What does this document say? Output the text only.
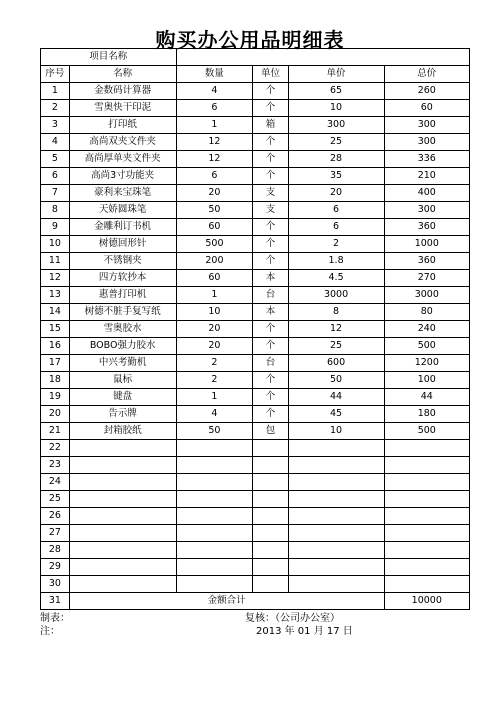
购买办公用品明细表
项目名称					
序号	名称	数量	单位	单价	总价
1	金数码计算器	4	个	65	260
2	雪奥快干印泥	6	个	10	60
3	打印纸	1	箱	300	300
4	高尚双夹文件夹	12	个	25	300
5	高尚厚单夹文件夹	12	个	28	336
6	高尚3寸功能夹	6	个	35	210
7	豪利来宝珠笔	20	支	20	400
8	天娇圆珠笔	50	支	6	300
9	金雕利订书机	60	个	6	360
10	树德回形针	500	个	2	1000
11	不锈钢夹	200	个	1.8	360
12	四方软抄本	60	本	4.5	270
13	惠普打印机	1	台	3000	3000
14	树德不脏手复写纸	10	本	8	80
15	雪奥胶水	20	个	12	240
16	BOBO强力胶水	20	个	25	500
17	中兴考勤机	2	台	600	1200
18	鼠标	2	个	50	100
19	键盘	1	个	44	44
20	告示牌	4	个	45	180
21	封箱胶纸	50	包	10	500
22					
23					
24					
25					
26					
27					
28					
29					
30					
31	金额合计				10000
制表：
注：
复核：（公司办公室）
2013 年 01 月 17 日
